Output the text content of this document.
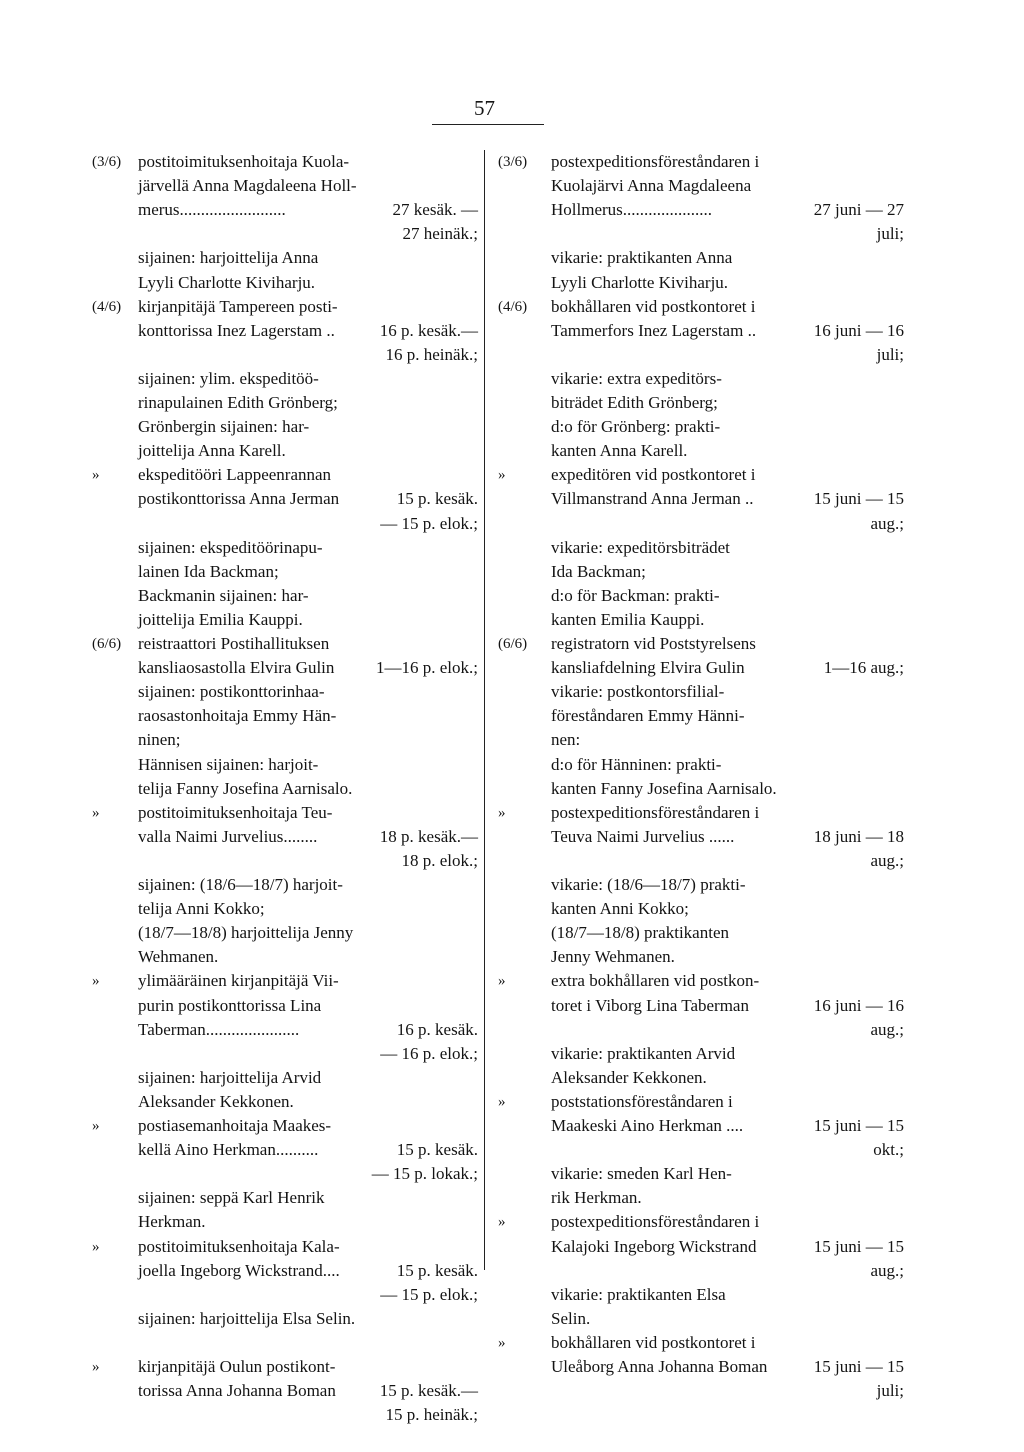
57
(3/6) postitoimituksenhoitaja Kuola-
järvellä Anna Magdaleena Holl-
merus.........................	27 kesäk. —
27 heinäk.;
sijainen: harjoittelija Anna
Lyyli Charlotte Kiviharju.
(4/6) kirjanpitäjä Tampereen posti-
konttorissa Inez Lagerstam ..	16 p. kesäk.—
16 p. heinäk.;
sijainen: ylim. ekspeditöö-
rinapulainen Edith Grönberg;
Grönbergin sijainen: har-
joittelija Anna Karell.
» ekspeditööri Lappeenrannan
postikonttorissa Anna Jerman	15 p. kesäk.
— 15 p. elok.;
sijainen: ekspeditöörinapu-
lainen Ida Backman;
Backmanin sijainen: har-
joittelija Emilia Kauppi.
(6/6) reistraattori Postihallituksen
kansliaosastolla Elvira Gulin 1—16 p. elok.;
sijainen: postikonttorinhaa-
raosastonhoitaja Emmy Hän-
ninen;
Hännisen sijainen: harjoit-
telija Fanny Josefina Aarnisalo.
» postitoimituksenhoitaja Teu-
valla Naimi Jurvelius........	18 p. kesäk.—
18 p. elok.;
sijainen: (18/6—18/7) harjoit-
telija Anni Kokko;
(18/7—18/8) harjoittelija Jenny
Wehmanen.
» ylimääräinen kirjanpitäjä Vii-
purin postikonttorissa Lina
Taberman......................	16 p. kesäk.
— 16 p. elok.;
sijainen: harjoittelija Arvid
Aleksander Kekkonen.
» postiasemanhoitaja Maakes-
kellä Aino Herkman..........	15 p. kesäk.
— 15 p. lokak.;
sijainen: seppä Karl Henrik
Herkman.
» postitoimituksenhoitaja Kala-
joella Ingeborg Wickstrand....	15 p. kesäk.
— 15 p. elok.;
sijainen: harjoittelija Elsa Selin.
» kirjanpitäjä Oulun postikont-
torissa Anna Johanna Boman	15 p. kesäk.—
15 p. heinäk.;
(3/6) postexpeditionsföreståndaren i
Kuolajärvi Anna Magdaleena
Hollmerus.....................	27 juni — 27
juli;
vikarie: praktikanten Anna
Lyyli Charlotte Kiviharju.
(4/6) bokhållaren vid postkontoret i
Tammerfors Inez Lagerstam ..	16 juni — 16
juli;
vikarie: extra expeditörs-
biträdet Edith Grönberg;
d:o för Grönberg: prakti-
kanten Anna Karell.
»	expeditören vid postkontoret i
Villmanstrand Anna Jerman ..	15 juni — 15
aug.;
vikarie: expeditörsbiträdet
Ida Backman;
d:o för Backman: prakti-
kanten Emilia Kauppi.
(6/6) registratorn vid Poststyrelsens
kansliafdelning Elvira Gulin	1—16 aug.;
vikarie: postkontorsfilial-
föreståndaren Emmy Hänni-
nen:
d:o för Hänninen: prakti-
kanten Fanny Josefina Aarnisalo.
»	postexpeditionsföreståndaren i
Teuva Naimi Jurvelius ......	18 juni — 18
aug.;
vikarie: (18/6—18/7) prakti-
kanten Anni Kokko;
(18/7—18/8) praktikanten
Jenny Wehmanen.
»	extra bokhållaren vid postkon-
toret i Viborg Lina Taberman	16 juni — 16
aug.;
vikarie: praktikanten Arvid
Aleksander Kekkonen.
»	poststationsföreståndaren i
Maakeski Aino Herkman ....	15 juni — 15
okt.;
vikarie: smeden Karl Hen-
rik Herkman.
»	postexpeditionsföreståndaren i
Kalajoki Ingeborg Wickstrand	15 juni — 15
aug.;
vikarie: praktikanten Elsa
Selin.
»	bokhållaren vid postkontoret i
Uleåborg Anna Johanna Boman	15 juni — 15
juli;
